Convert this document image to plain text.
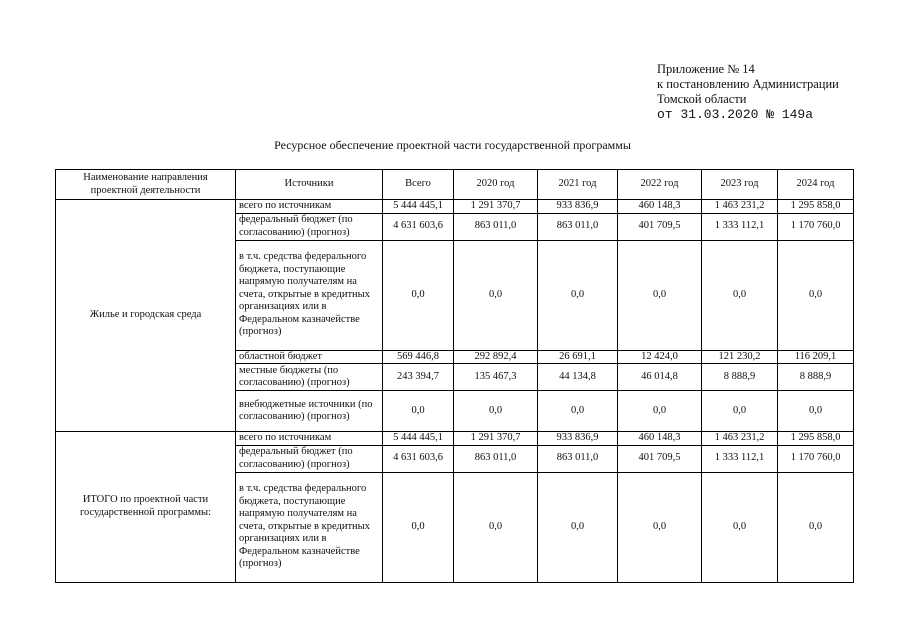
Приложение № 14
к постановлению Администрации
Томской области
от 31.03.2020 № 149а
Ресурсное обеспечение проектной части государственной программы
Наименование направления проектной деятельности	Источники	Всего	2020 год	2021 год	2022 год	2023 год	2024 год
Жилье и городская среда	всего по источникам	5 444 445,1	1 291 370,7	933 836,9	460 148,3	1 463 231,2	1 295 858,0
	федеральный бюджет (по согласованию) (прогноз)	4 631 603,6	863 011,0	863 011,0	401 709,5	1 333 112,1	1 170 760,0
	в т.ч. средства федерального бюджета, поступающие напрямую получателям на счета, открытые в кредитных организациях или в Федеральном казначействе (прогноз)	0,0	0,0	0,0	0,0	0,0	0,0
	областной бюджет	569 446,8	292 892,4	26 691,1	12 424,0	121 230,2	116 209,1
	местные бюджеты (по согласованию) (прогноз)	243 394,7	135 467,3	44 134,8	46 014,8	8 888,9	8 888,9
	внебюджетные источники (по согласованию) (прогноз)	0,0	0,0	0,0	0,0	0,0	0,0
ИТОГО по проектной части государственной программы:	всего по источникам	5 444 445,1	1 291 370,7	933 836,9	460 148,3	1 463 231,2	1 295 858,0
	федеральный бюджет (по согласованию) (прогноз)	4 631 603,6	863 011,0	863 011,0	401 709,5	1 333 112,1	1 170 760,0
	в т.ч. средства федерального бюджета, поступающие напрямую получателям на счета, открытые в кредитных организациях или в Федеральном казначействе (прогноз)	0,0	0,0	0,0	0,0	0,0	0,0
